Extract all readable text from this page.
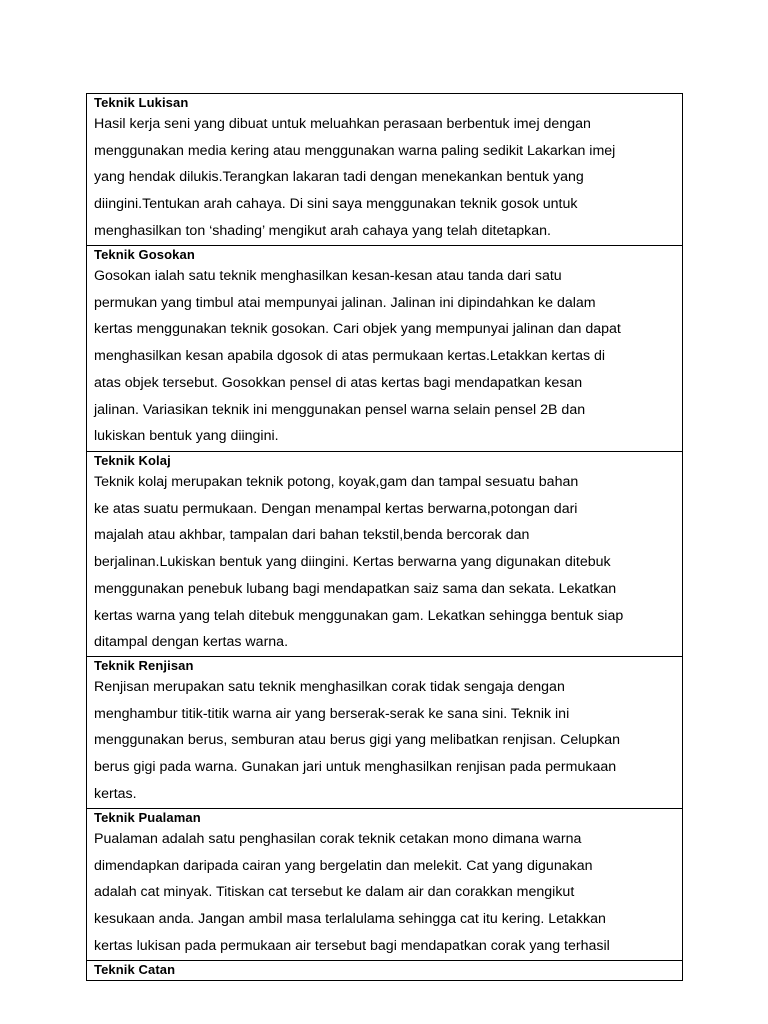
Teknik Lukisan
Hasil kerja seni yang dibuat untuk meluahkan perasaan berbentuk imej dengan
menggunakan media kering atau menggunakan warna paling sedikit Lakarkan imej
yang hendak dilukis.Terangkan lakaran tadi dengan menekankan bentuk yang
diingini.Tentukan arah cahaya. Di sini saya menggunakan teknik gosok untuk
menghasilkan ton ‘shading’ mengikut arah cahaya yang telah ditetapkan.
Teknik Gosokan
Gosokan ialah satu teknik menghasilkan kesan-kesan atau tanda dari satu
permukan yang timbul atai mempunyai jalinan. Jalinan ini dipindahkan ke dalam
kertas menggunakan teknik gosokan. Cari objek yang mempunyai jalinan dan dapat
menghasilkan kesan apabila dgosok di atas permukaan kertas.Letakkan kertas di
atas objek tersebut. Gosokkan pensel di atas kertas bagi mendapatkan kesan
jalinan. Variasikan teknik ini menggunakan pensel warna selain pensel 2B dan
lukiskan bentuk yang diingini.
Teknik Kolaj
Teknik kolaj merupakan teknik potong, koyak,gam dan tampal sesuatu bahan
ke atas suatu permukaan. Dengan menampal kertas berwarna,potongan dari
majalah atau akhbar, tampalan dari bahan tekstil,benda bercorak dan
berjalinan.Lukiskan bentuk yang diingini. Kertas berwarna yang digunakan ditebuk
menggunakan penebuk lubang bagi mendapatkan saiz sama dan sekata. Lekatkan
kertas warna yang telah ditebuk menggunakan gam. Lekatkan sehingga bentuk siap
ditampal dengan kertas warna.
Teknik Renjisan
Renjisan merupakan satu teknik menghasilkan corak tidak sengaja dengan
menghambur titik-titik warna air yang berserak-serak ke sana sini. Teknik ini
menggunakan berus, semburan atau berus gigi yang melibatkan renjisan. Celupkan
berus gigi pada warna. Gunakan jari untuk menghasilkan renjisan pada permukaan
kertas.
Teknik Pualaman
Pualaman adalah satu penghasilan corak teknik cetakan mono dimana warna
dimendapkan daripada cairan yang bergelatin dan melekit. Cat yang digunakan
adalah cat minyak. Titiskan cat tersebut ke dalam air dan corakkan mengikut
kesukaan anda. Jangan ambil masa terlalulama sehingga cat itu kering. Letakkan
kertas lukisan pada permukaan air tersebut bagi mendapatkan corak yang terhasil
Teknik Catan
